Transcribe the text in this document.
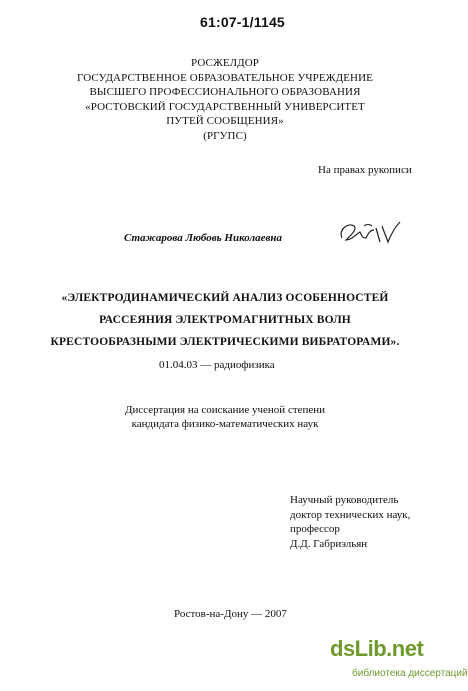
61:07-1/1145
РОСЖЕЛДОР
ГОСУДАРСТВЕННОЕ ОБРАЗОВАТЕЛЬНОЕ УЧРЕЖДЕНИЕ
ВЫСШЕГО ПРОФЕССИОНАЛЬНОГО ОБРАЗОВАНИЯ
«РОСТОВСКИЙ ГОСУДАРСТВЕННЫЙ УНИВЕРСИТЕТ
ПУТЕЙ СООБЩЕНИЯ»
(РГУПС)
На правах рукописи
Стажарова Любовь Николаевна
«ЭЛЕКТРОДИНАМИЧЕСКИЙ АНАЛИЗ ОСОБЕННОСТЕЙ
РАССЕЯНИЯ ЭЛЕКТРОМАГНИТНЫХ ВОЛН
КРЕСТООБРАЗНЫМИ ЭЛЕКТРИЧЕСКИМИ ВИБРАТОРАМИ».
01.04.03 — радиофизика
Диссертация на соискание ученой степени
кандидата физико-математических наук
Научный руководитель
доктор технических наук,
профессор
Д.Д. Габриэльян
Ростов-на-Дону — 2007
dsLib.net
библиотека диссертаций
